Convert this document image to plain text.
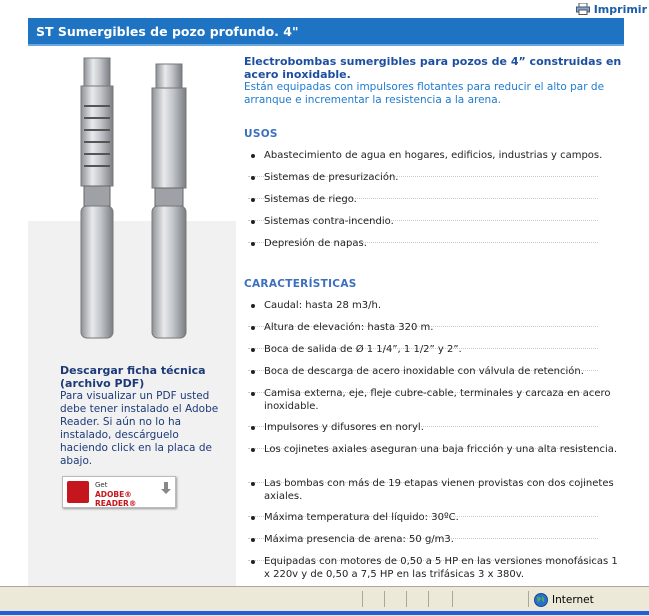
Imprimir
ST Sumergibles de pozo profundo. 4"
Descargar ficha técnica (archivo PDF)
Para visualizar un PDF usted debe tener instalado el Adobe Reader. Si aún no lo ha instalado, descárguelo haciendo click en la placa de abajo.
Get
ADOBE® READER®
Electrobombas sumergibles para pozos de 4” construidas en acero inoxidable.
Están equipadas con impulsores flotantes para reducir el alto par de arranque e incrementar la resistencia a la arena.
USOS
Abastecimiento de agua en hogares, edificios, industrias y campos.
Sistemas de presurización.
Sistemas de riego.
Sistemas contra-incendio.
Depresión de napas.
CARACTERÍSTICAS
Caudal: hasta 28 m3/h.
Altura de elevación: hasta 320 m.
Boca de salida de Ø 1 1/4”, 1 1/2” y 2”.
Boca de descarga de acero inoxidable con válvula de retención.
Camisa externa, eje, fleje cubre-cable, terminales y carcaza en acero inoxidable.
Impulsores y difusores en noryl.
Los cojinetes axiales aseguran una baja fricción y una alta resistencia.
Las bombas con más de 19 etapas vienen provistas con dos cojinetes axiales.
Máxima temperatura del líquido: 30ºC.
Máxima presencia de arena: 50 g/m3.
Equipadas con motores de 0,50 a 5 HP en las versiones monofásicas 1 x 220v y de 0,50 a 7,5 HP en las trifásicas 3 x 380v.
Internet
